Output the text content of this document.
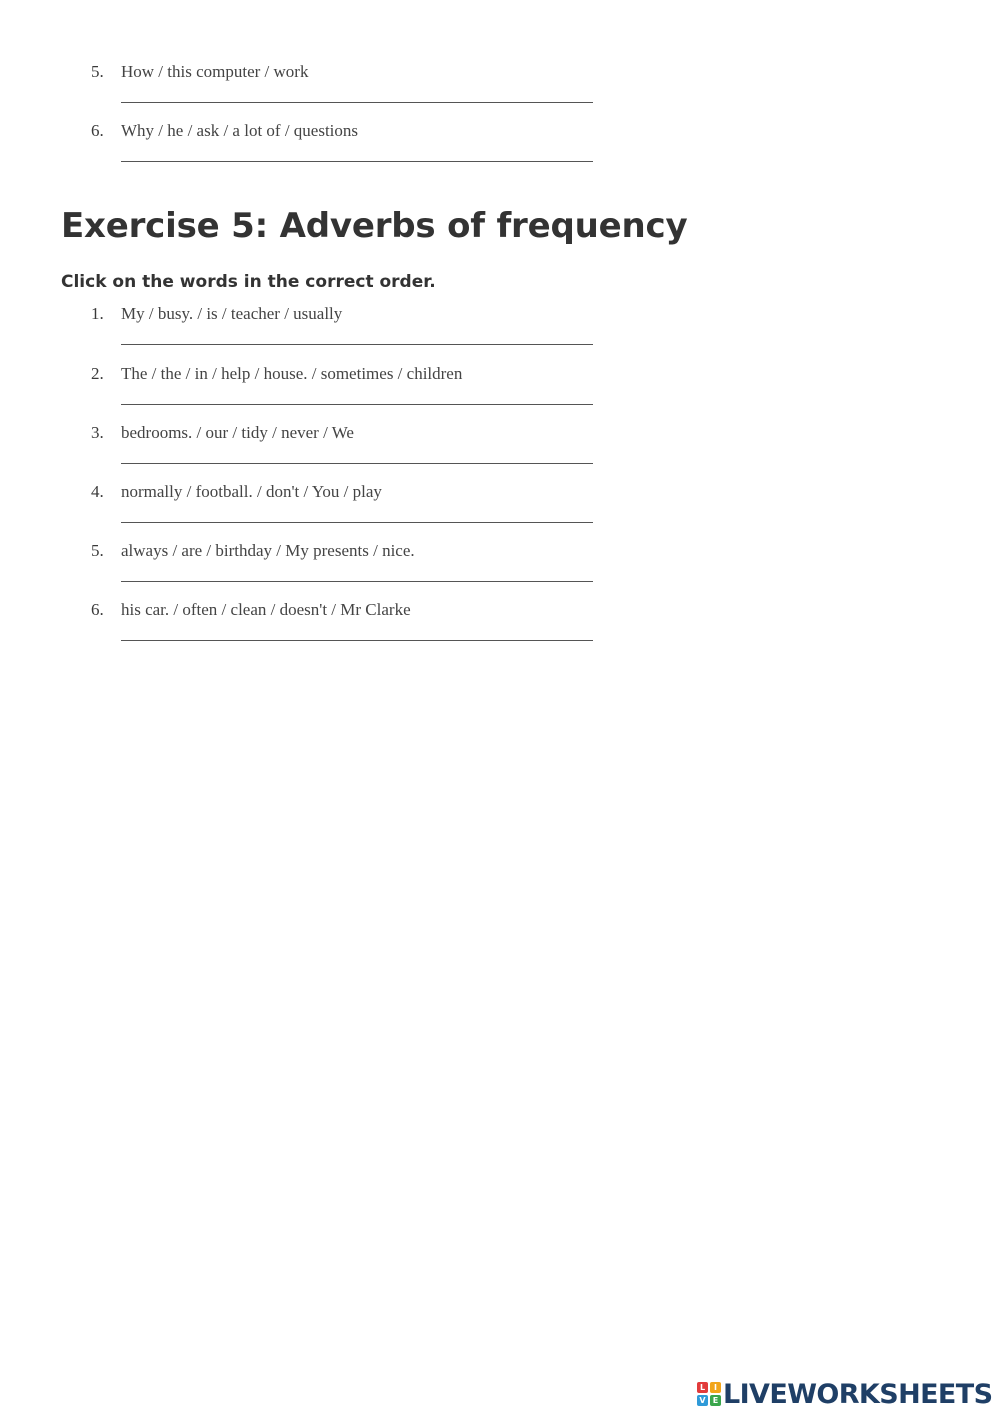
5. How / this computer / work
6. Why / he / ask / a lot of / questions
Exercise 5: Adverbs of frequency

Click on the words in the correct order.

1. My / busy. / is / teacher / usually
2. The / the / in / help / house. / sometimes / children
3. bedrooms. / our / tidy / never / We
4. normally / football. / don't / You / play
5. always / are / birthday / My presents / nice.
6. his car. / often / clean / doesn't / Mr Clarke
L	I
V E LIVEWORKSHEETS
